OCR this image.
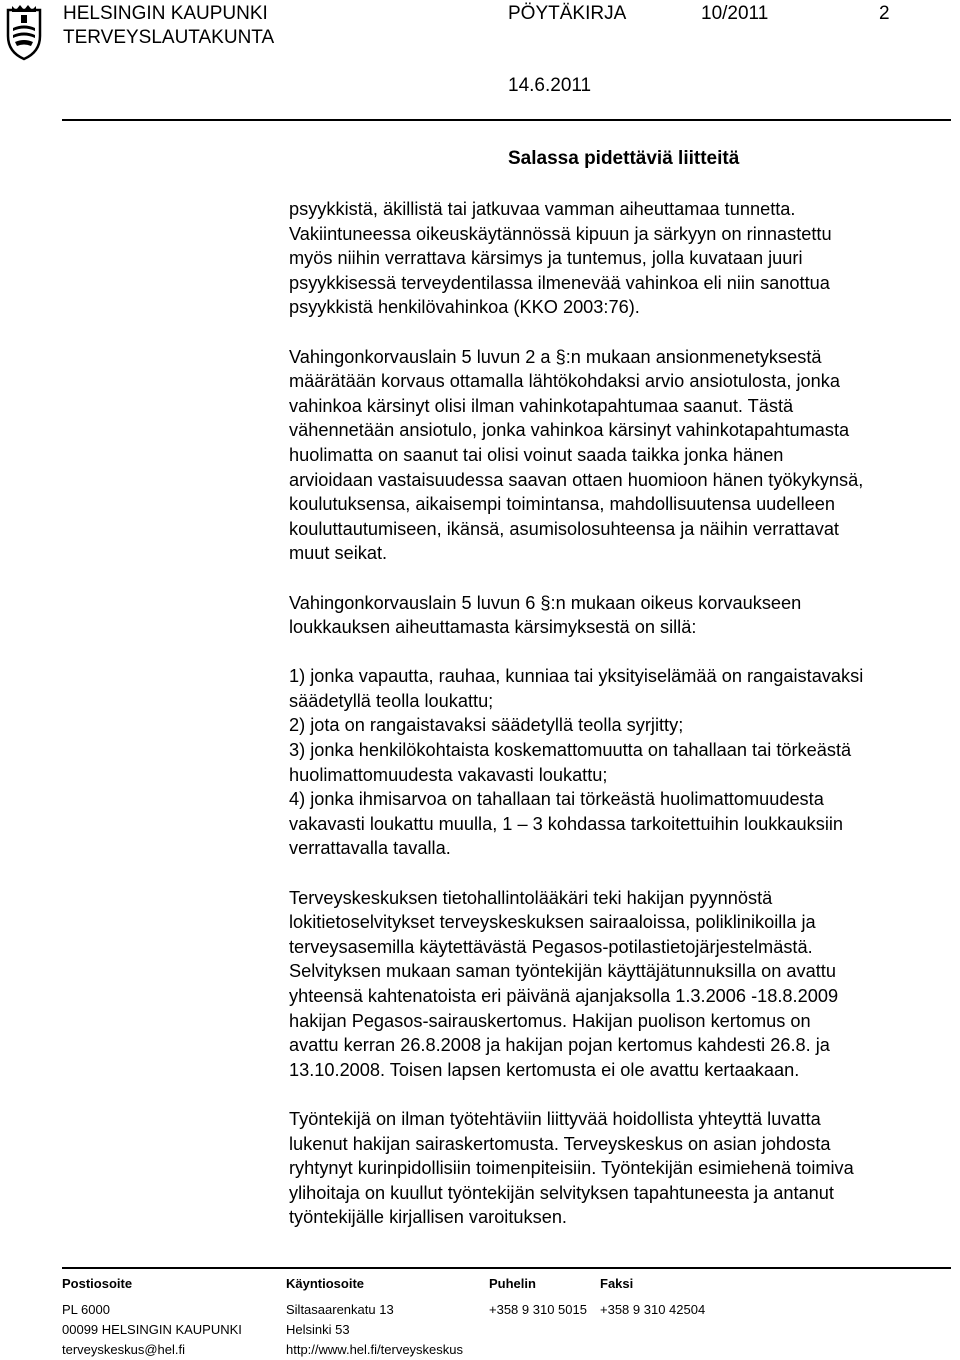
HELSINGIN KAUPUNKI
TERVEYSLAUTAKUNTA
PÖYTÄKIRJA	10/2011	2
14.6.2011
Salassa pidettäviä liitteitä

psyykkistä, äkillistä tai jatkuvaa vamman aiheuttamaa tunnetta.
Vakiintuneessa oikeuskäytännössä kipuun ja särkyyn on rinnastettu
myös niihin verrattava kärsimys ja tuntemus, jolla kuvataan juuri
psyykkisessä terveydentilassa ilmenevää vahinkoa eli niin sanottua
psyykkistä henkilövahinkoa (KKO 2003:76).

Vahingonkorvauslain 5 luvun 2 a §:n mukaan ansionmenetyksestä
määrätään korvaus ottamalla lähtökohdaksi arvio ansiotulosta, jonka
vahinkoa kärsinyt olisi ilman vahinkotapahtumaa saanut. Tästä
vähennetään ansiotulo, jonka vahinkoa kärsinyt vahinkotapahtumasta
huolimatta on saanut tai olisi voinut saada taikka jonka hänen
arvioidaan vastaisuudessa saavan ottaen huomioon hänen työkykynsä,
koulutuksensa, aikaisempi toimintansa, mahdollisuutensa uudelleen
kouluttautumiseen, ikänsä, asumisolosuhteensa ja näihin verrattavat
muut seikat.

Vahingonkorvauslain 5 luvun 6 §:n mukaan oikeus korvaukseen
loukkauksen aiheuttamasta kärsimyksestä on sillä:

1) jonka vapautta, rauhaa, kunniaa tai yksityiselämää on rangaistavaksi
säädetyllä teolla loukattu;
2) jota on rangaistavaksi säädetyllä teolla syrjitty;
3) jonka henkilökohtaista koskemattomuutta on tahallaan tai törkeästä
huolimattomuudesta vakavasti loukattu;
4) jonka ihmisarvoa on tahallaan tai törkeästä huolimattomuudesta
vakavasti loukattu muulla, 1 – 3 kohdassa tarkoitettuihin loukkauksiin
verrattavalla tavalla.

Terveyskeskuksen tietohallintolääkäri teki hakijan pyynnöstä
lokitietoselvitykset terveyskeskuksen sairaaloissa, poliklinikoilla ja
terveysasemilla käytettävästä Pegasos-potilastietojärjestelmästä.
Selvityksen mukaan saman työntekijän käyttäjätunnuksilla on avattu
yhteensä kahtenatoista eri päivänä ajanjaksolla 1.3.2006 -18.8.2009
hakijan Pegasos-sairauskertomus. Hakijan puolison kertomus on
avattu kerran 26.8.2008 ja hakijan pojan kertomus kahdesti 26.8. ja
13.10.2008. Toisen lapsen kertomusta ei ole avattu kertaakaan.

Työntekijä on ilman työtehtäviin liittyvää hoidollista yhteyttä luvatta
lukenut hakijan sairaskertomusta. Terveyskeskus on asian johdosta
ryhtynyt kurinpidollisiin toimenpiteisiin. Työntekijän esimiehenä toimiva
ylihoitaja on kuullut työntekijän selvityksen tapahtuneesta ja antanut
työntekijälle kirjallisen varoituksen.

Postiosoite

PL 6000
00099 HELSINGIN KAUPUNKI
terveyskeskus@hel.fi
Käyntiosoite

Siltasaarenkatu 13
Helsinki 53
http://www.hel.fi/terveyskeskus
Puhelin

+358 9 310 5015
Faksi

+358 9 310 42504
